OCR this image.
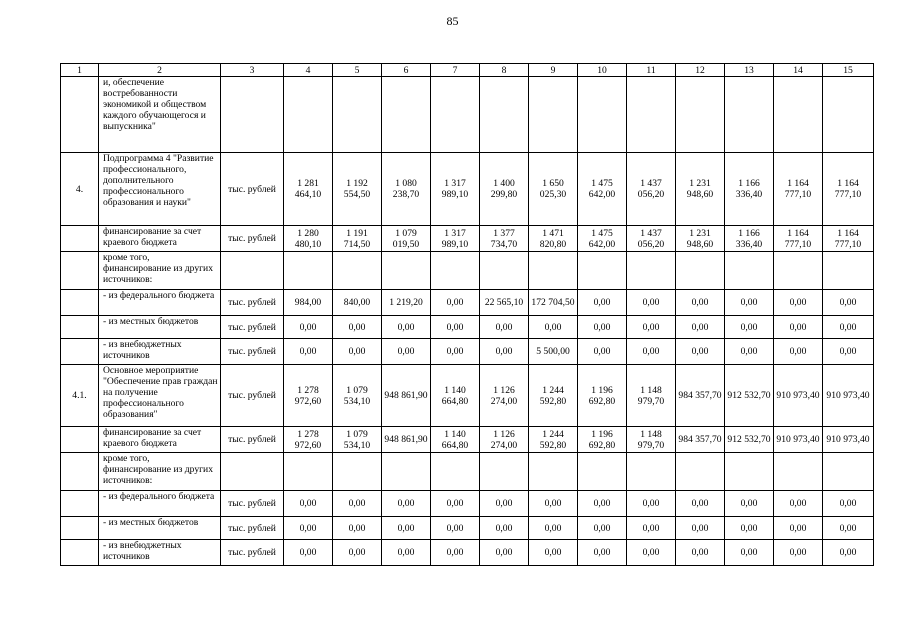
85
1	2	3	4	5	6	7	8	9	10	11	12	13	14	15
	и, обеспечение востребованности экономикой и обществом каждого обучающегося и выпускника"													
4.	Подпрограмма 4 "Развитие профессионального, дополнительного профессионального образования и науки"	тыс. рублей	1 281 464,10	1 192 554,50	1 080 238,70	1 317 989,10	1 400 299,80	1 650 025,30	1 475 642,00	1 437 056,20	1 231 948,60	1 166 336,40	1 164 777,10	1 164 777,10
	финансирование за счет краевого бюджета	тыс. рублей	1 280 480,10	1 191 714,50	1 079 019,50	1 317 989,10	1 377 734,70	1 471 820,80	1 475 642,00	1 437 056,20	1 231 948,60	1 166 336,40	1 164 777,10	1 164 777,10
	кроме того, финансирование из других источников:													
	- из федерального бюджета	тыс. рублей	984,00	840,00	1 219,20	0,00	22 565,10	172 704,50	0,00	0,00	0,00	0,00	0,00	0,00
	- из местных бюджетов	тыс. рублей	0,00	0,00	0,00	0,00	0,00	0,00	0,00	0,00	0,00	0,00	0,00	0,00
	- из внебюджетных источников	тыс. рублей	0,00	0,00	0,00	0,00	0,00	5 500,00	0,00	0,00	0,00	0,00	0,00	0,00
4.1.	Основное мероприятие "Обеспечение прав граждан на получение профессионального образования"	тыс. рублей	1 278 972,60	1 079 534,10	948 861,90	1 140 664,80	1 126 274,00	1 244 592,80	1 196 692,80	1 148 979,70	984 357,70	912 532,70	910 973,40	910 973,40
	финансирование за счет краевого бюджета	тыс. рублей	1 278 972,60	1 079 534,10	948 861,90	1 140 664,80	1 126 274,00	1 244 592,80	1 196 692,80	1 148 979,70	984 357,70	912 532,70	910 973,40	910 973,40
	кроме того, финансирование из других источников:													
	- из федерального бюджета	тыс. рублей	0,00	0,00	0,00	0,00	0,00	0,00	0,00	0,00	0,00	0,00	0,00	0,00
	- из местных бюджетов	тыс. рублей	0,00	0,00	0,00	0,00	0,00	0,00	0,00	0,00	0,00	0,00	0,00	0,00
	- из внебюджетных источников	тыс. рублей	0,00	0,00	0,00	0,00	0,00	0,00	0,00	0,00	0,00	0,00	0,00	0,00
